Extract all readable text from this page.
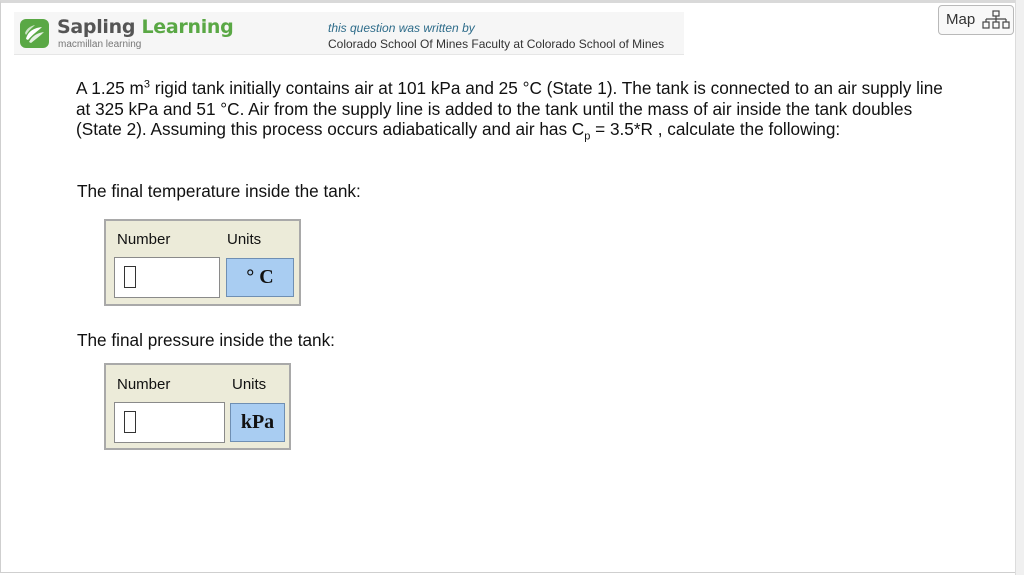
Sapling Learning
macmillan learning
this question was written by
Colorado School Of Mines Faculty at Colorado School of Mines
Map
A 1.25 $m^3$ rigid tank initially contains air at 101 kPa and 25 °C (State 1). The tank is connected to an air supply line at 325 kPa and 51 °C. Air from the supply line is added to the tank until the mass of air inside the tank doubles (State 2). Assuming this process occurs adiabatically and air has $C_p = 3.5*R$ , calculate the following:
The final temperature inside the tank:
Number	Units
° C
The final pressure inside the tank:
Number	Units
kPa
